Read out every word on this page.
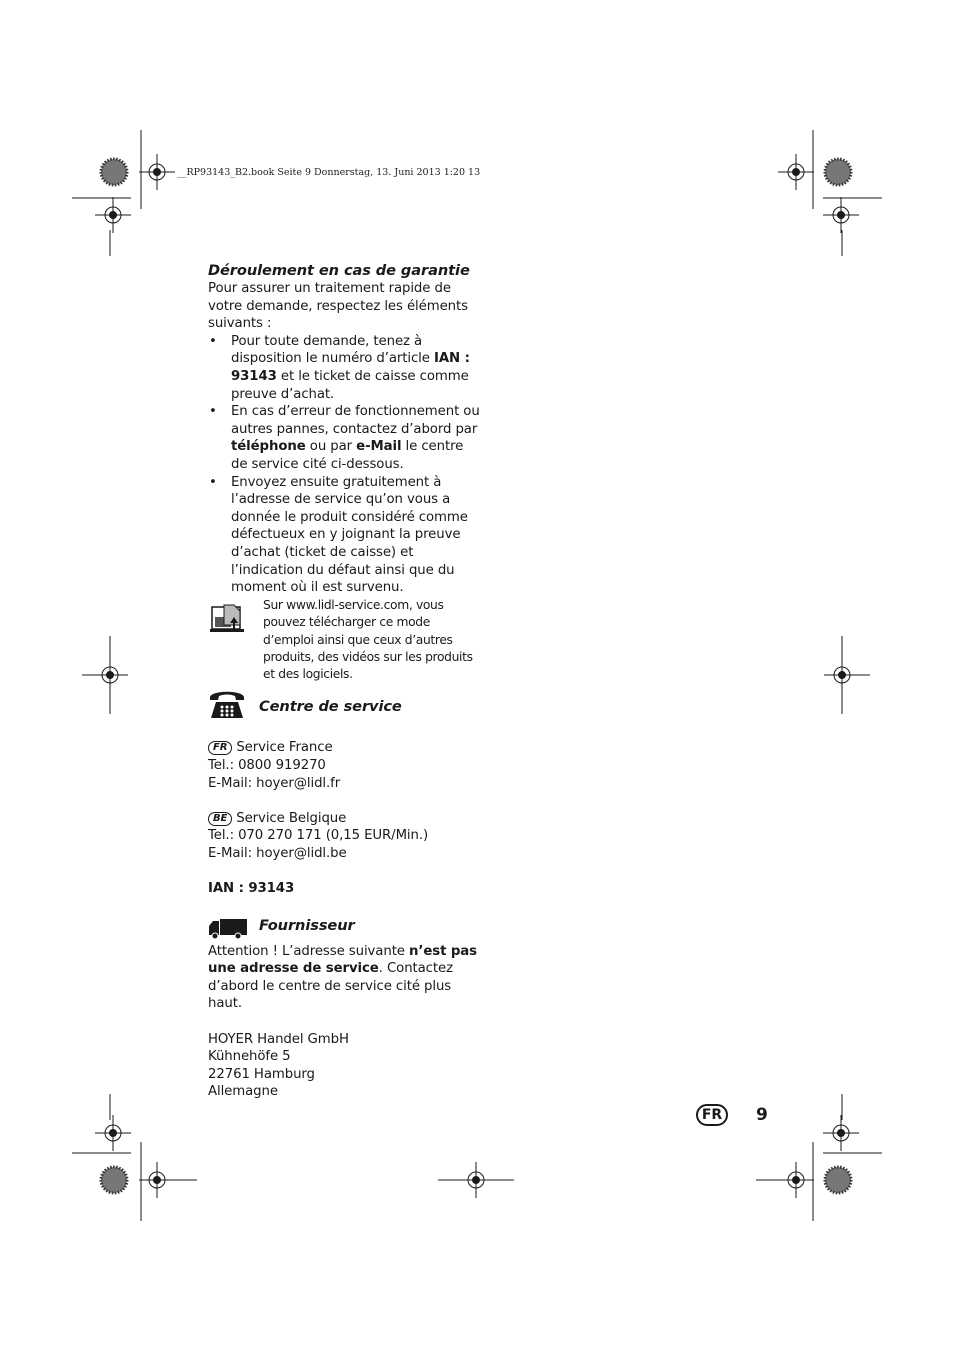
__RP93143_B2.book Seite 9 Donnerstag, 13. Juni 2013 1:20 13
Déroulement en cas de garantie

Pour assurer un traitement rapide de votre demande, respectez les éléments suivants :

• Pour toute demande, tenez à disposition le numéro d’article IAN : 93143 et le ticket de caisse comme preuve d’achat.
• En cas d’erreur de fonctionnement ou autres pannes, contactez d’abord par téléphone ou par e-Mail le centre de service cité ci-dessous.
• Envoyez ensuite gratuitement à l’adresse de service qu’on vous a donnée le produit considéré comme défectueux en y joignant la preuve d’achat (ticket de caisse) et l’indication du défaut ainsi que du moment où il est survenu.
Sur www.lidl-service.com, vous pouvez télécharger ce mode d’emploi ainsi que ceux d’autres produits, des vidéos sur les produits et des logiciels.
Centre de service

FR Service France

Tel.: 0800 919270

E-Mail: hoyer@lidl.fr

BE Service Belgique

Tel.: 070 270 171 (0,15 EUR/Min.)

E-Mail: hoyer@lidl.be

IAN : 93143

Fournisseur

Attention ! L’adresse suivante n’est pas une adresse de service. Contactez d’abord le centre de service cité plus haut.

HOYER Handel GmbH

Kühnehöfe 5

22761 Hamburg

Allemagne

FR	9
